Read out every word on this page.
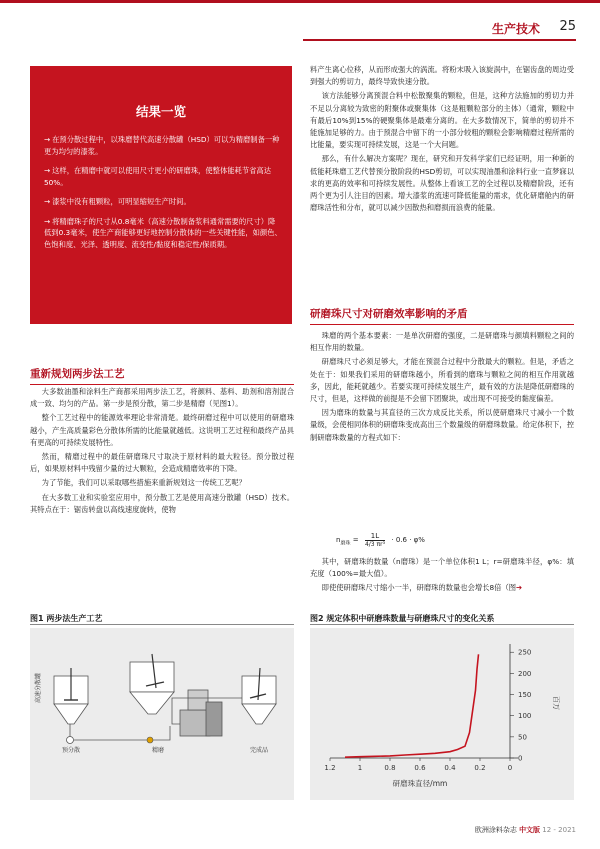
生产技术 25
结果一览
→ 在预分散过程中，以珠磨替代高速分散罐（HSD）可以为精磨制备一种更为均匀的漆浆。
→ 这样，在精磨中就可以使用尺寸更小的研磨珠，使整体能耗节省高达50%。
→ 漆浆中没有粗颗粒，可明显缩短生产时间。
→ 将精磨珠子的尺寸从0.8毫米（高速分散制备浆料通常需要的尺寸）降低到0.3毫米，使生产商能够更好地控制分散体的一些关键性能，如颜色、色饱和度、光泽、透明度、流变性/黏度和稳定性/保质期。
重新规划两步法工艺

大多数油墨和涂料生产商都采用两步法工艺，将颜料、基料、助剂和溶剂混合成一致、均匀的产品。第一步是预分散，第二步是精磨（见图1）。

整个工艺过程中的能源效率理论非常清楚。最终研磨过程中可以使用的研磨珠越小，产生高质量彩色分散体所需的比能量就越低。这说明工艺过程和最终产品具有更高的可持续发展特性。

然而，精磨过程中的最佳研磨珠尺寸取决于原材料的最大粒径。预分散过程后，如果原材料中残留少量的过大颗粒，会造成精磨效率的下降。

为了节能，我们可以采取哪些措施来重新规划这一传统工艺呢？

在大多数工业和实验室应用中，预分散工艺是使用高速分散罐（HSD）技术。其特点在于：锯齿转盘以高线速度旋转，使物

料产生离心位移，从而形成强大的涡流。将粉末吸入该旋涡中，在锯齿盘的周边受到强大的剪切力，最终导致快速分散。

该方法能够分离预混合料中松散聚集的颗粒，但是，这种方法施加的剪切力并不足以分离较为致密的附聚体或聚集体（这是粗颗粒部分的主体）（通常，颗粒中有最后10%到15%的硬聚集体是最难分离的。在大多数情况下，简单的剪切并不能施加足够的力。由于预混合中留下的一小部分较粗的颗粒会影响精磨过程所需的比能量，要实现可持续发展，这是一个大问题。

那么，有什么解决方案呢？现在，研究和开发科学家们已经证明，用一种新的低能耗珠磨工艺代替预分散阶段的HSD剪切，可以实现油墨和涂料行业一直梦寐以求的更高的效率和可持续发展性。从整体上看该工艺的全过程以及精磨阶段，还有两个更为引人注目的因素。增大漆浆的流速可降低能量的需求，优化研磨舱内的研磨珠活性和分布，就可以减少因散热和磨损而浪费的能量。

研磨珠尺寸对研磨效率影响的矛盾

珠磨的两个基本要素：一是单次研磨的强度，二是研磨珠与颜填料颗粒之间的相互作用的数量。

研磨珠尺寸必须足够大，才能在预混合过程中分散最大的颗粒。但是，矛盾之处在于：如果我们采用的研磨珠越小，所看到的磨珠与颗粒之间的相互作用就越多，因此，能耗就越少。若要实现可持续发展生产，最有效的方法是降低研磨珠的尺寸，但是，这样做的前提是不会留下团聚块，或出现不可接受的黏度偏差。

因为磨珠的数量与其直径的三次方成反比关系，所以使研磨珠尺寸减小一个数量级，会使相同体积的研磨珠变成高出三个数量级的研磨珠数量。给定体积下，控制研磨珠数量的方程式如下：

$n_{磨珠} = \frac{1L}{\text{4/3 πr³}} \cdot 0.6 \cdot \varphi\%$

其中，研磨珠的数量（n磨珠）是一个单位体积1 L；r=研磨珠半径，φ%：填充度（100%=最大值）。

即使使研磨珠尺寸缩小一半，研磨珠的数量也会增长8倍（图➔

图1 两步法生产工艺
高速分散罐
预分散	精磨	完成品
图2 规定体积中研磨珠数量与研磨珠尺寸的变化关系
1.2	1	0.8	0.6	0.4	0.2	0
0
50
100
150
200
250
百万
研磨珠直径/mm
欧洲涂料杂志 中文版 12 - 2021
